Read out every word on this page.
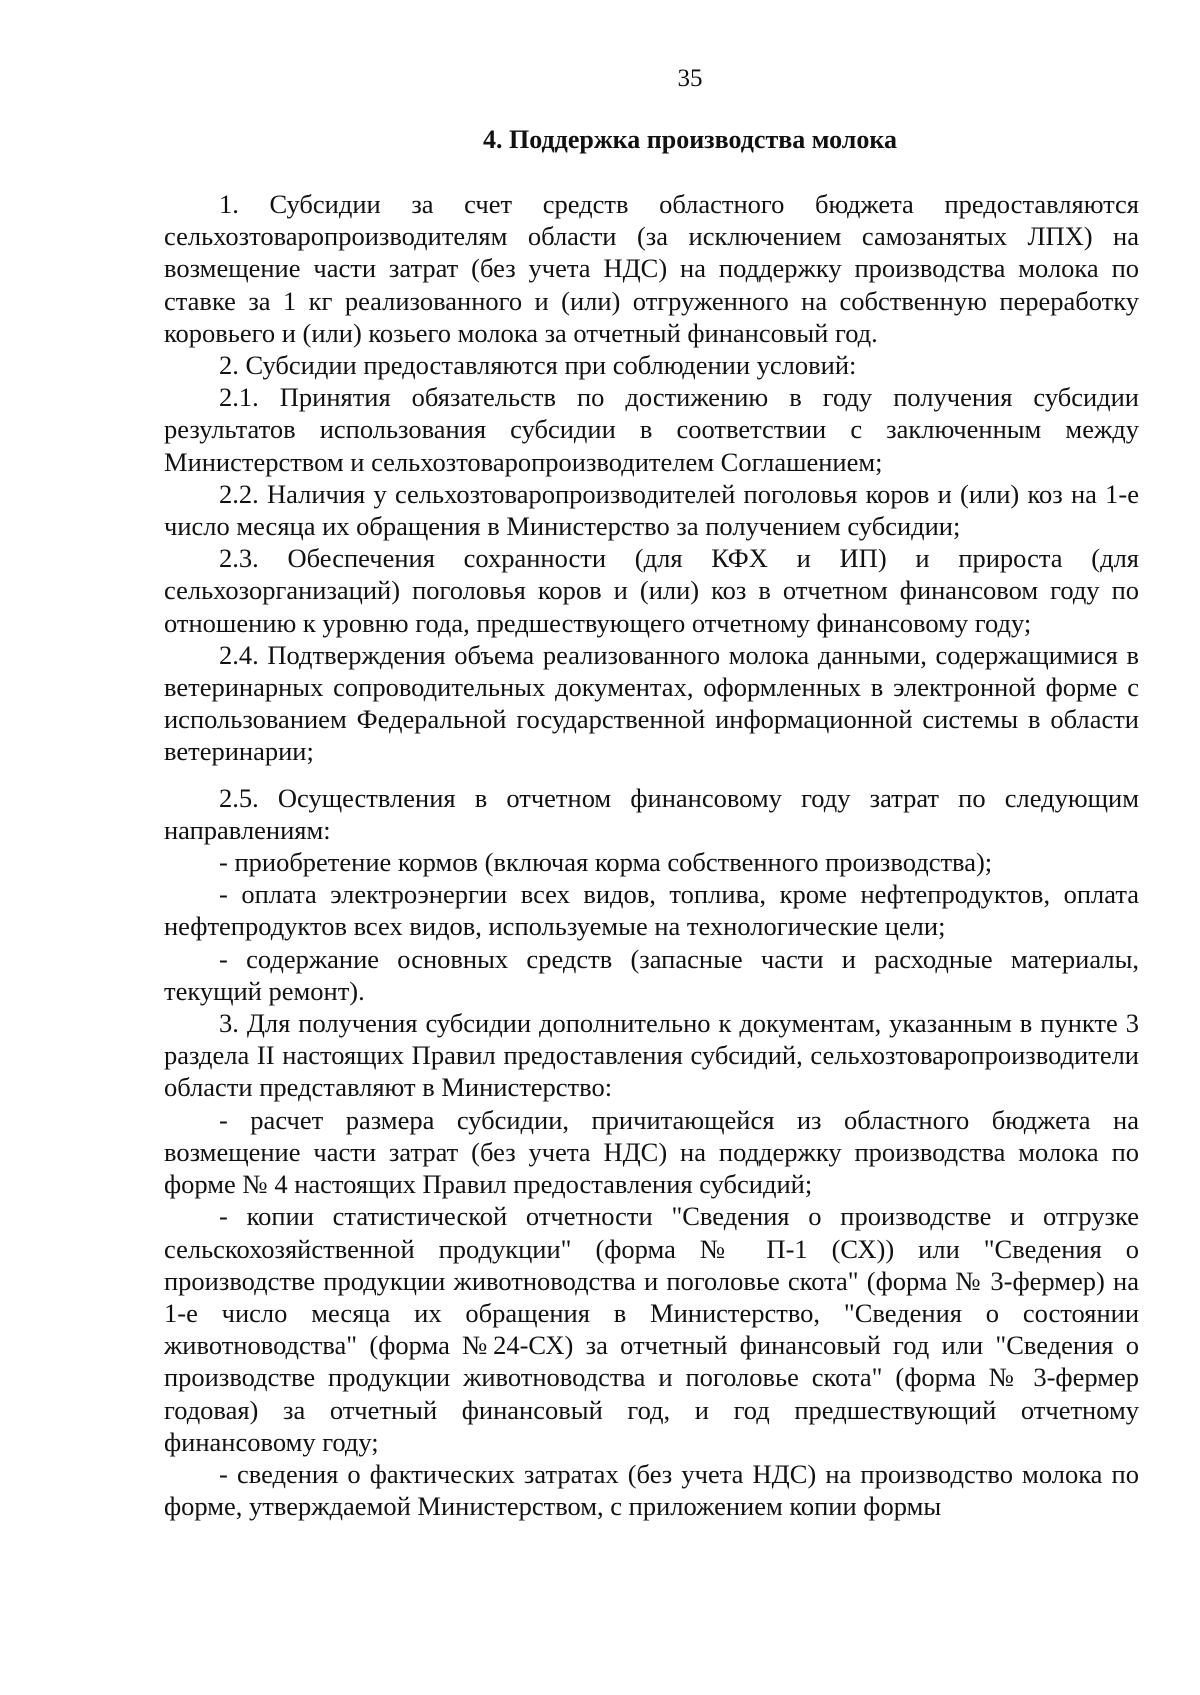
35
4. Поддержка производства молока

1. Субсидии за счет средств областного бюджета предоставляются сельхозтоваропроизводителям области (за исключением самозанятых ЛПХ) на возмещение части затрат (без учета НДС) на поддержку производства молока по ставке за 1 кг реализованного и (или) отгруженного на собственную переработку коровьего и (или) козьего молока за отчетный финансовый год.

2. Субсидии предоставляются при соблюдении условий:

2.1. Принятия обязательств по достижению в году получения субсидии результатов использования субсидии в соответствии с заключенным между Министерством и сельхозтоваропроизводителем Соглашением;

2.2. Наличия у сельхозтоваропроизводителей поголовья коров и (или) коз на 1-е число месяца их обращения в Министерство за получением субсидии;

2.3. Обеспечения сохранности (для КФХ и ИП) и прироста (для сельхозорганизаций) поголовья коров и (или) коз в отчетном финансовом году по отношению к уровню года, предшествующего отчетному финансовому году;

2.4. Подтверждения объема реализованного молока данными, содержащимися в ветеринарных сопроводительных документах, оформленных в электронной форме с использованием Федеральной государственной информационной системы в области ветеринарии;

2.5. Осуществления в отчетном финансовому году затрат по следующим направлениям:

- приобретение кормов (включая корма собственного производства);

- оплата электроэнергии всех видов, топлива, кроме нефтепродуктов, оплата нефтепродуктов всех видов, используемые на технологические цели;

- содержание основных средств (запасные части и расходные материалы, текущий ремонт).

3. Для получения субсидии дополнительно к документам, указанным в пункте 3 раздела II настоящих Правил предоставления субсидий, сельхозтоваропроизводители области представляют в Министерство:

- расчет размера субсидии, причитающейся из областного бюджета на возмещение части затрат (без учета НДС) на поддержку производства молока по форме № 4 настоящих Правил предоставления субсидий;

- копии статистической отчетности "Сведения о производстве и отгрузке сельскохозяйственной продукции" (форма № П-1 (СХ)) или "Сведения о производстве продукции животноводства и поголовье скота" (форма № 3-фермер) на 1-е число месяца их обращения в Министерство, "Сведения о состоянии животноводства" (форма №24-СХ) за отчетный финансовый год или "Сведения о производстве продукции животноводства и поголовье скота" (форма № 3-фермер годовая) за отчетный финансовый год, и год предшествующий отчетному финансовому году;

- сведения о фактических затратах (без учета НДС) на производство молока по форме, утверждаемой Министерством, с приложением копии формы
